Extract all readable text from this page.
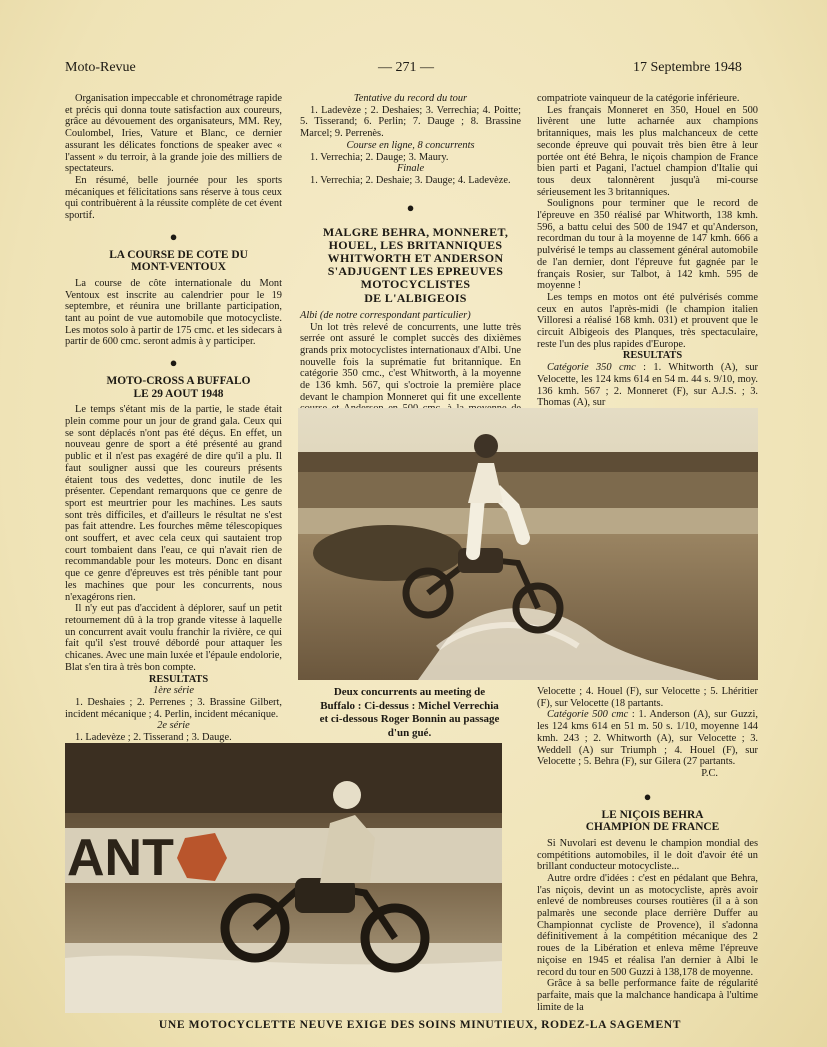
Moto-Revue	— 271 —	17 Septembre 1948

Organisation impeccable et chronométrage rapide et précis qui donna toute satisfaction aux coureurs, grâce au dévouement des organisateurs, MM. Rey, Coulombel, Iries, Vature et Blanc, ce dernier assurant les délicates fonctions de speaker avec « l'assent » du terroir, à la grande joie des milliers de spectateurs.

En résumé, belle journée pour les sports mécaniques et félicitations sans réserve à tous ceux qui contribuèrent à la réussite complète de cet évent sportif.

●

LA COURSE DE COTE DU

MONT-VENTOUX

La course de côte internationale du Mont Ventoux est inscrite au calendrier pour le 19 septembre, et réunira une brillante participation, tant au point de vue automobile que motocycliste. Les motos solo à partir de 175 cmc. et les sidecars à partir de 600 cmc. seront admis à y participer.

●

MOTO-CROSS A BUFFALO

LE 29 AOUT 1948

Le temps s'étant mis de la partie, le stade était plein comme pour un jour de grand gala. Ceux qui se sont déplacés n'ont pas été déçus. En effet, un nouveau genre de sport a été présenté au grand public et il n'est pas exagéré de dire qu'il a plu. Il faut souligner aussi que les coureurs présents étaient tous des vedettes, donc inutile de les présenter. Cependant remarquons que ce genre de sport est meurtrier pour les machines. Les sauts sont très difficiles, et d'ailleurs le résultat ne s'est pas fait attendre. Les fourches même télescopiques ont souffert, et avec cela ceux qui sautaient trop court tombaient dans l'eau, ce qui n'avait rien de recommandable pour les moteurs. Donc en disant que ce genre d'épreuves est très pénible tant pour les machines que pour les concurrents, nous n'exagérons rien.

Il n'y eut pas d'accident à déplorer, sauf un petit retournement dû à la trop grande vitesse à laquelle un concurrent avait voulu franchir la rivière, ce qui fait qu'il s'est trouvé débordé pour attaquer les chicanes. Avec une main luxée et l'épaule endolorie, Blat s'en tira à très bon compte.

RESULTATS

1ère série

1. Deshaies ; 2. Perrenes ; 3. Brassine Gilbert, incident mécanique ; 4. Perlin, incident mécanique.

2e série

1. Ladevèze ; 2. Tisserand ; 3. Dauge.

Tentative du record du tour

1. Ladevèze ; 2. Deshaies; 3. Verrechia; 4. Poitte; 5. Tisserand; 6. Perlin; 7. Dauge ; 8. Brassine Marcel; 9. Perrenès.

Course en ligne, 8 concurrents

1. Verrechia; 2. Dauge; 3. Maury.

Finale

1. Verrechia; 2. Deshaie; 3. Dauge; 4. Ladevèze.

●

MALGRE BEHRA, MONNERET,

HOUEL, LES BRITANNIQUES

WHITWORTH ET ANDERSON

S'ADJUGENT LES EPREUVES

MOTOCYCLISTES

DE L'ALBIGEOIS

Albi (de notre correspondant particulier)

Un lot très relevé de concurrents, une lutte très serrée ont assuré le complet succès des dixièmes grands prix motocyclistes internationaux d'Albi. Une nouvelle fois la suprématie fut britannique. En catégorie 350 cmc., c'est Whitworth, à la moyenne de 136 kmh. 567, qui s'octroie la première place devant le champion Monneret qui fit une excellente

compatriote vainqueur de la catégorie inférieure.

Les français Monneret en 350, Houel en 500 livèrent une lutte acharnée aux champions britanniques, mais les plus malchanceux de cette seconde épreuve qui pouvait très bien être à leur portée ont été Behra, le niçois champion de France bien parti et Pagani, l'actuel champion d'Italie qui tous deux talonnèrent jusqu'à mi-course sérieusement les 3 britanniques.

Soulignons pour terminer que le record de l'épreuve en 350 réalisé par Whitworth, 138 kmh. 596, a battu celui des 500 de 1947 et qu'Anderson, recordman du tour à la moyenne de 147 kmh. 666 a pulvérisé le temps au classement général automobile de l'an dernier, dont l'épreuve fut gagnée par le français Rosier, sur Talbot, à 142 kmh. 595 de moyenne !

Les temps en motos ont été pulvérisés comme ceux en autos l'après-midi (le champion italien Villoresi a réalisé 168 kmh. 031) et prouvent que le circuit Albigeois des Planques, très spectaculaire, reste l'un des plus rapides d'Europe.

RESULTATS

Catégorie 350 cmc : 1. Whitworth (A), sur Velocette, les 124 kms 614 en 54 m. 44 s. 9/10, moy. 136 kmh. 567 ; 2. Monneret (F), sur A.J.S. ; 3. Thomas (A), sur

Deux concurrents au meeting de Buffalo : Ci-dessus : Michel Verrechia et ci-dessous Roger Bonnin au passage d'un gué.

Velocette ; 4. Houel (F), sur Velocette ; 5. Lhéritier (F), sur Velocette (18 partants.

Catégorie 500 cmc : 1. Anderson (A), sur Guzzi, les 124 kms 614 en 51 m. 50 s. 1/10, moyenne 144 kmh. 243 ; 2. Whitworth (A), sur Velocette ; 3. Weddell (A) sur Triumph ; 4. Houel (F), sur Velocette ; 5. Behra (F), sur Gilera (27 partants.

P.C.

●

LE NIÇOIS BEHRA

CHAMPION DE FRANCE

Si Nuvolari est devenu le champion mondial des compétitions automobiles, il le doit d'avoir été un brillant conducteur motocycliste...

Autre ordre d'idées : c'est en pédalant que Behra, l'as niçois, devint un as motocycliste, après avoir enlevé de nombreuses courses routières (il a à son palmarès une seconde place derrière Duffer au Championnat cycliste de Provence), il s'adonna définitivement à la compétition mécanique des 2 roues de la Libération et enleva même l'épreuve niçoise en 1945 et réalisa l'an dernier à Albi le record du tour en 500 Guzzi à 138,178 de moyenne.

Grâce à sa belle performance faite de régularité parfaite, mais que la malchance handicapa à l'ultime limite de la

ANT
UNE MOTOCYCLETTE NEUVE EXIGE DES SOINS MINUTIEUX, RODEZ-LA SAGEMENT
